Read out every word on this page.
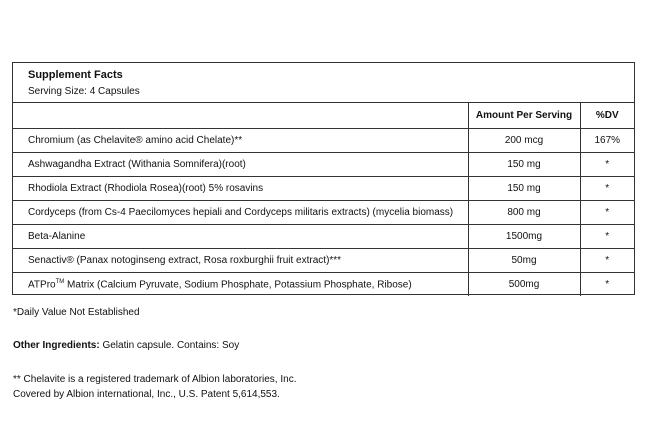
Supplement Facts
Serving Size: 4 Capsules
	Amount Per Serving	%DV
Chromium (as Chelavite® amino acid Chelate)**	200 mcg	167%
Ashwagandha Extract (Withania Somnifera)(root)	150 mg	*
Rhodiola Extract (Rhodiola Rosea)(root) 5% rosavins	150 mg	*
Cordyceps (from Cs-4 Paecilomyces hepiali and Cordyceps militaris extracts) (mycelia biomass)	800 mg	*
Beta-Alanine	1500mg	*
Senactiv® (Panax notoginseng extract, Rosa roxburghii fruit extract)***	50mg	*
ATPro™ Matrix (Calcium Pyruvate, Sodium Phosphate, Potassium Phosphate, Ribose)	500mg	*
*Daily Value Not Established
Other Ingredients: Gelatin capsule. Contains: Soy
** Chelavite is a registered trademark of Albion laboratories, Inc.
Covered by Albion international, Inc., U.S. Patent 5,614,553.
